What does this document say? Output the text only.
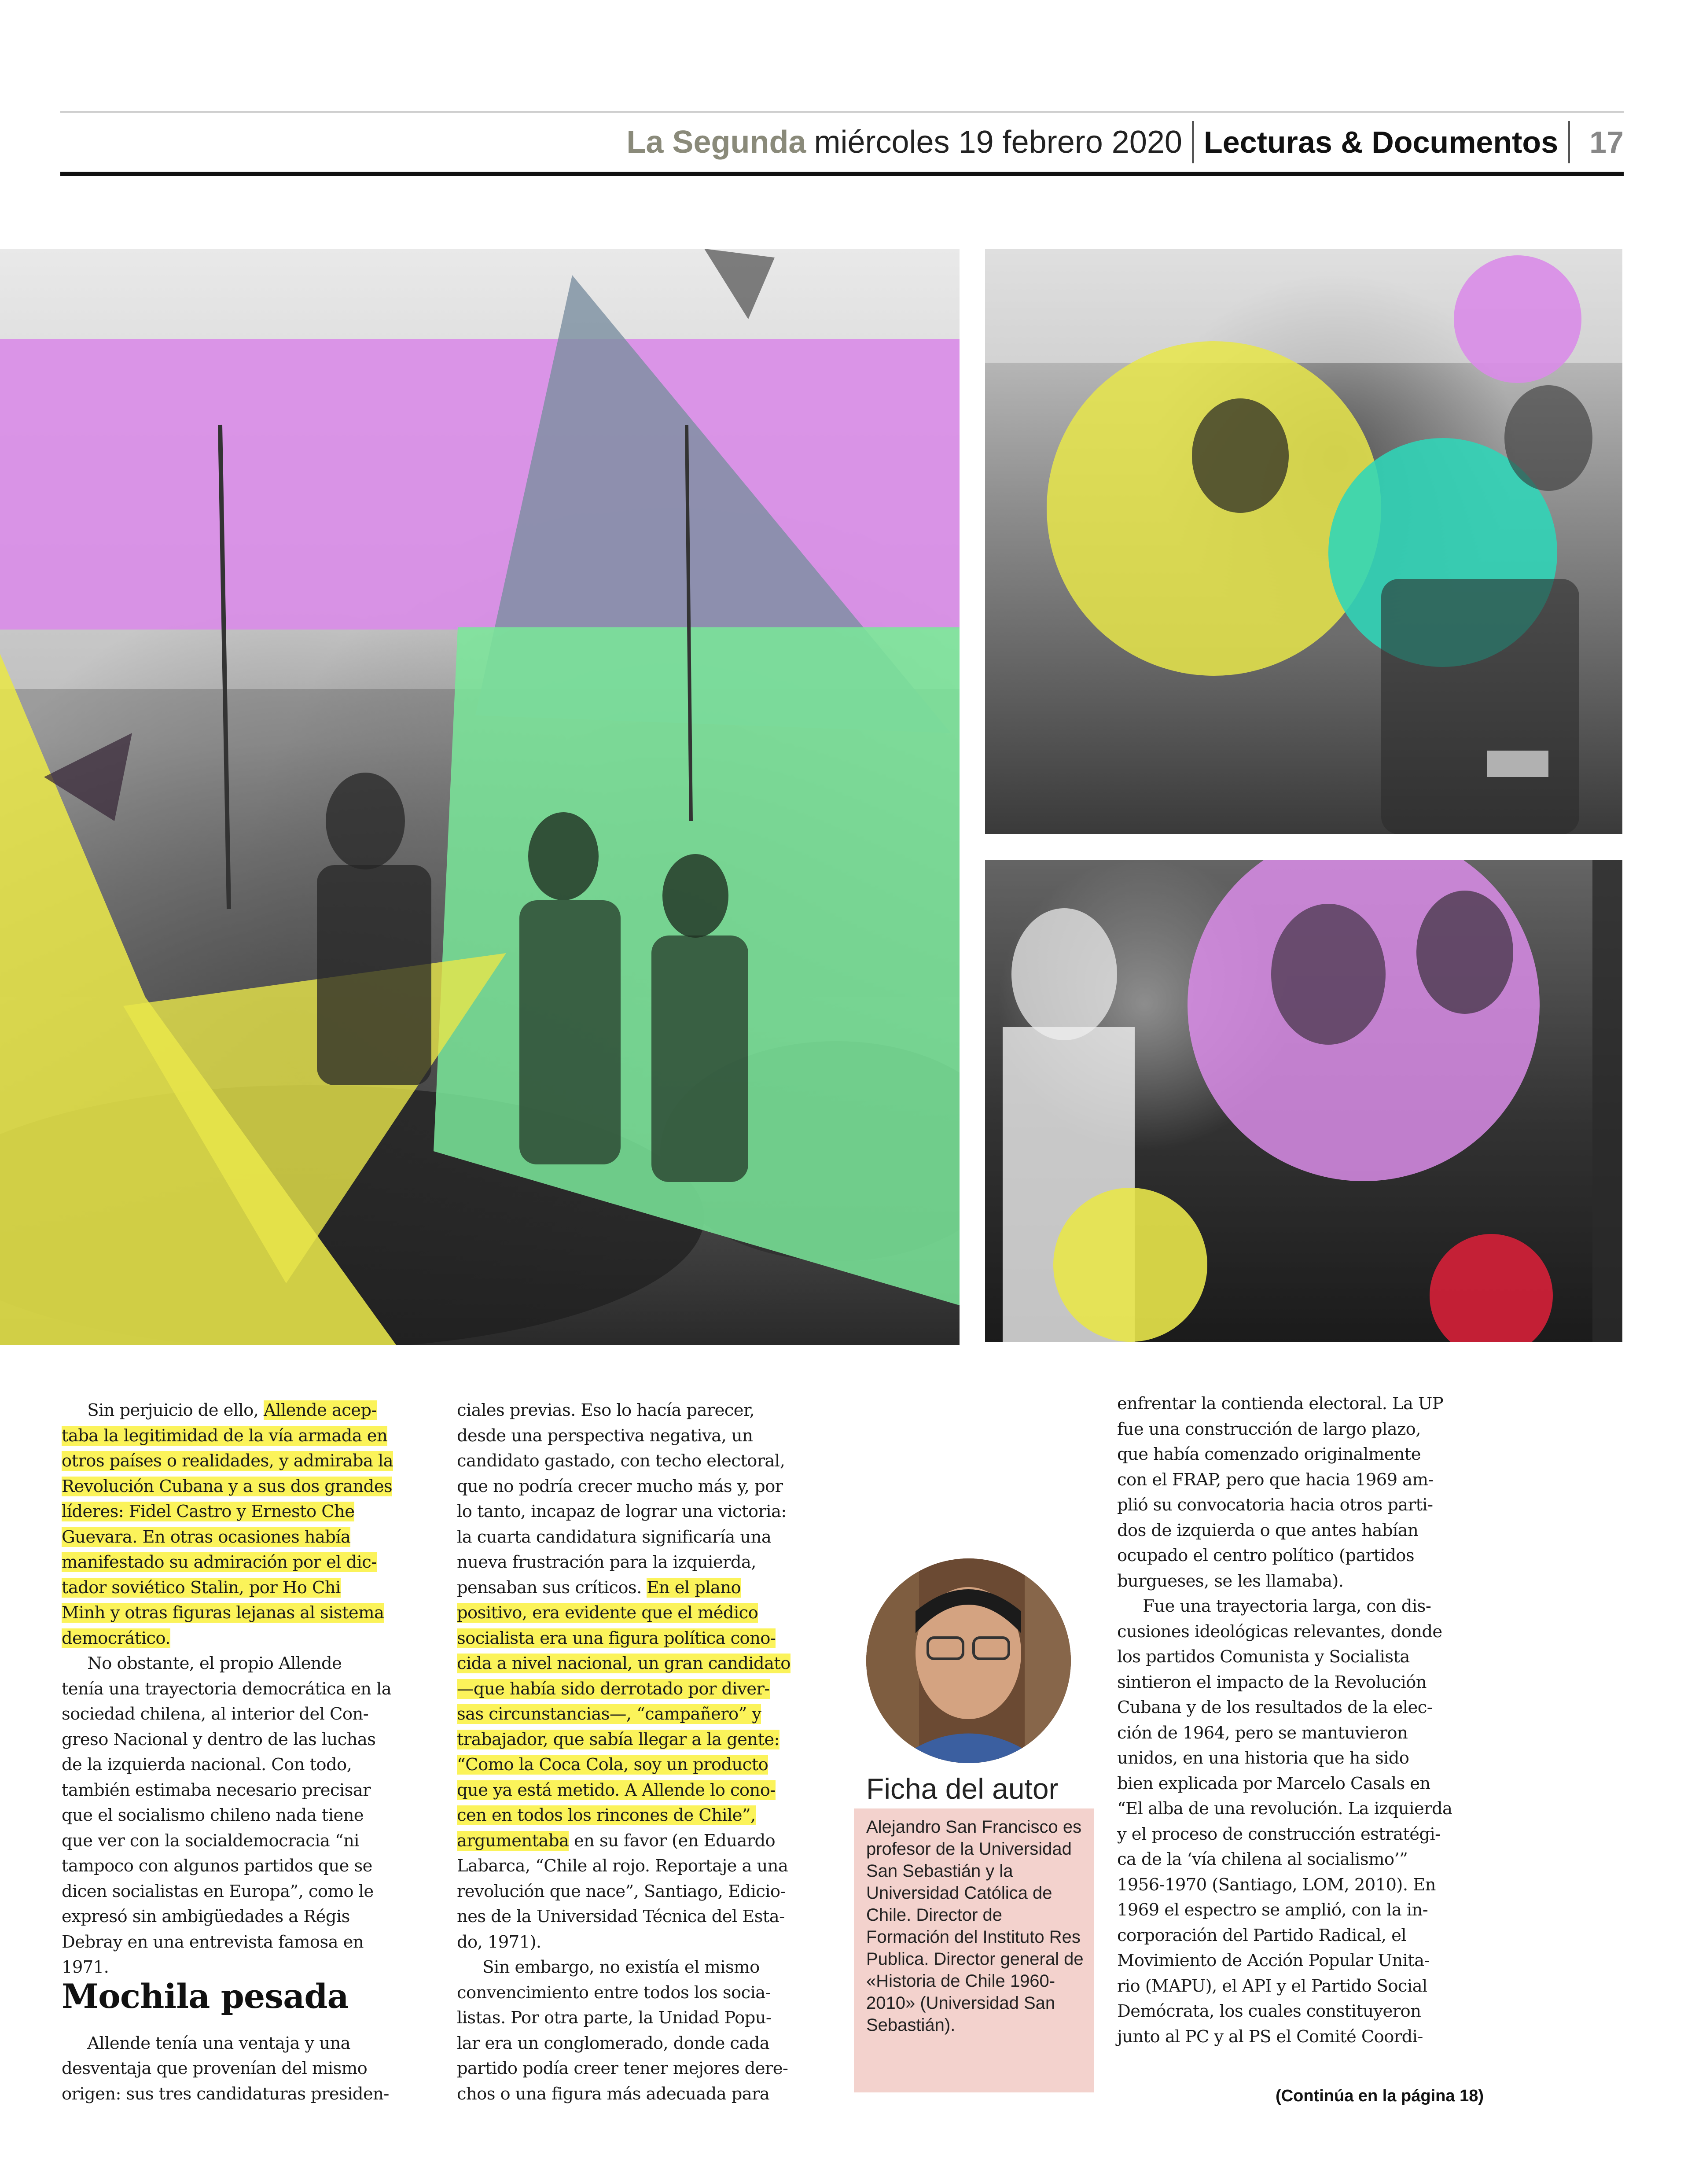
La Segunda miércoles 19 febrero 2020 Lecturas & Documentos 17
Sin perjuicio de ello, Allende acep-
taba la legitimidad de la vía armada en
otros países o realidades, y admiraba la
Revolución Cubana y a sus dos grandes
líderes: Fidel Castro y Ernesto Che
Guevara. En otras ocasiones había
manifestado su admiración por el dic-
tador soviético Stalin, por Ho Chi
Minh y otras figuras lejanas al sistema
democrático.
No obstante, el propio Allende
tenía una trayectoria democrática en la
sociedad chilena, al interior del Con-
greso Nacional y dentro de las luchas
de la izquierda nacional. Con todo,
también estimaba necesario precisar
que el socialismo chileno nada tiene
que ver con la socialdemocracia “ni
tampoco con algunos partidos que se
dicen socialistas en Europa”, como le
expresó sin ambigüedades a Régis
Debray en una entrevista famosa en
1971.

Allende tenía una ventaja y una
desventaja que provenían del mismo
origen: sus tres candidaturas presiden-
Mochila pesada
ciales previas. Eso lo hacía parecer,
desde una perspectiva negativa, un
candidato gastado, con techo electoral,
que no podría crecer mucho más y, por
lo tanto, incapaz de lograr una victoria:
la cuarta candidatura significaría una
nueva frustración para la izquierda,
pensaban sus críticos. En el plano
positivo, era evidente que el médico
socialista era una figura política cono-
cida a nivel nacional, un gran candidato
—que había sido derrotado por diver-
sas circunstancias—, “campañero” y
trabajador, que sabía llegar a la gente:
“Como la Coca Cola, soy un producto
que ya está metido. A Allende lo cono-
cen en todos los rincones de Chile”,
argumentaba en su favor (en Eduardo
Labarca, “Chile al rojo. Reportaje a una
revolución que nace”, Santiago, Edicio-
nes de la Universidad Técnica del Esta-
do, 1971).
Sin embargo, no existía el mismo
convencimiento entre todos los socia-
listas. Por otra parte, la Unidad Popu-
lar era un conglomerado, donde cada
partido podía creer tener mejores dere-
chos o una figura más adecuada para
Ficha del autor
Alejandro San Francisco es profesor de la Universidad San Sebastián y la Universidad Católica de Chile. Director de Formación del Instituto Res Publica. Director general de «Historia de Chile 1960-2010» (Universidad San Sebastián).
enfrentar la contienda electoral. La UP
fue una construcción de largo plazo,
que había comenzado originalmente
con el FRAP, pero que hacia 1969 am-
plió su convocatoria hacia otros parti-
dos de izquierda o que antes habían
ocupado el centro político (partidos
burgueses, se les llamaba).
Fue una trayectoria larga, con dis-
cusiones ideológicas relevantes, donde
los partidos Comunista y Socialista
sintieron el impacto de la Revolución
Cubana y de los resultados de la elec-
ción de 1964, pero se mantuvieron
unidos, en una historia que ha sido
bien explicada por Marcelo Casals en
“El alba de una revolución. La izquierda
y el proceso de construcción estratégi-
ca de la ‘vía chilena al socialismo’”
1956-1970 (Santiago, LOM, 2010). En
1969 el espectro se amplió, con la in-
corporación del Partido Radical, el
Movimiento de Acción Popular Unita-
rio (MAPU), el API y el Partido Social
Demócrata, los cuales constituyeron
junto al PC y al PS el Comité Coordi-
(Continúa en la página 18)
